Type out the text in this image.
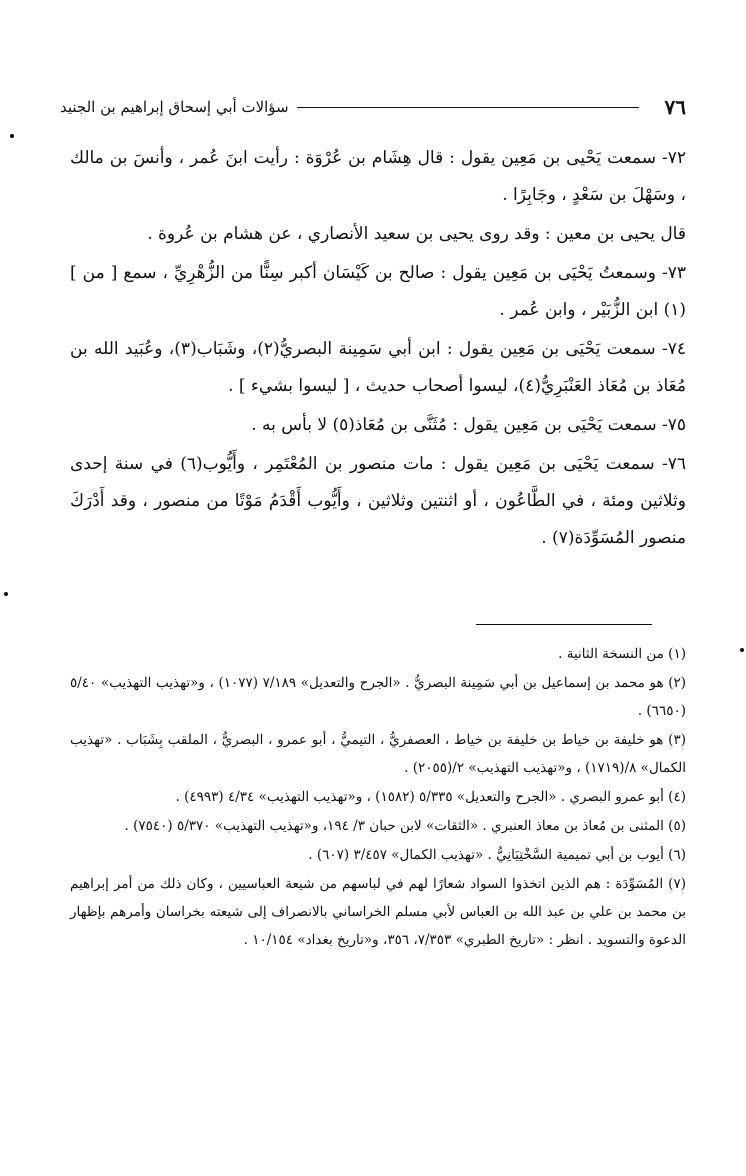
٧٦
سؤالات أبي إسحاق إبراهيم بن الجنيد

٧٢- سمعت يَحْيى بن مَعِين يقول : قال هِشَام بن عُرْوَة : رأيت ابنَ عُمر ، وأنسَ بن مالك ، وسَهْلَ بن سَعْدٍ ، وجَابِرًا .

قال يحيى بن معين : وقد روى يحيى بن سعيد الأنصاري ، عن هشام بن عُروة .

٧٣- وسمعتُ يَحْيَى بن مَعِين يقول : صالح بن كَيْسَان أكبر سِنًّا من الزُّهْرِيِّ ، سمع [ من ](١) ابن الزُّبَيْر ، وابن عُمر .

٧٤- سمعت يَحْيَى بن مَعِين يقول : ابن أبي سَمِينة البصريُّ(٢)، وشَبَاب(٣)، وعُبَيد الله بن مُعَاذ بن مُعَاذ العَنْبَرِيُّ(٤)، ليسوا أصحاب حديث ، [ ليسوا بشيء ] .

٧٥- سمعت يَحْيَى بن مَعِين يقول : مُثَنَّى بن مُعَاذ(٥) لا بأس به .

٧٦- سمعت يَحْيَى بن مَعِين يقول : مات منصور بن المُعْتَمِر ، وأَيُّوب(٦) في سنة إحدى وثلاثين ومئة ، في الطَّاعُون ، أو اثنتين وثلاثين ، وأَيُّوب أَقْدَمُ مَوْتًا من منصور ، وقد أَدْرَكَ منصور المُسَوِّدَة(٧) .

(١) من النسخة الثانية .

(٢) هو محمد بن إسماعيل بن أبي سَمِينة البصريُّ . «الجرح والتعديل» ٧/١٨٩ (١٠٧٧) ، و«تهذيب التهذيب» ٥/٤٠ (٦٦٥٠) .

(٣) هو خليفة بن خياط بن خليفة بن خياط ، العصفريُّ ، التيميُّ ، أبو عمرو ، البصريُّ ، الملقب بِشَبَاب . «تهذيب الكمال» ٨/(١٧١٩) ، و«تهذيب التهذيب» ٢/(٢٠٥٥) .

(٤) أبو عمرو البصري . «الجرح والتعديل» ٥/٣٣٥ (١٥٨٢) ، و«تهذيب التهذيب» ٤/٣٤ (٤٩٩٣) .

(٥) المثنى بن مُعاذ بن معاذ العنبري . «الثقات» لابن حبان ٣/ ١٩٤، و«تهذيب التهذيب» ٥/٣٧٠ (٧٥٤٠) .

(٦) أيوب بن أبي تميمية السَّخْتِيَانِيُّ . «تهذيب الكمال» ٣/٤٥٧ (٦٠٧) .

(٧) المُسَوِّدَة : هم الذين اتخذوا السواد شعارًا لهم في لباسهم من شيعة العباسيين ، وكان ذلك من أمر إبراهيم بن محمد بن علي بن عبد الله بن العباس لأبي مسلم الخراساني بالانصراف إلى شيعته بخراسان وأمرهم بإظهار الدعوة والتسويد . انظر : «تاريخ الطبري» ٧/٣٥٣، ٣٥٦، و«تاريخ بغداد» ١٠/١٥٤ .
